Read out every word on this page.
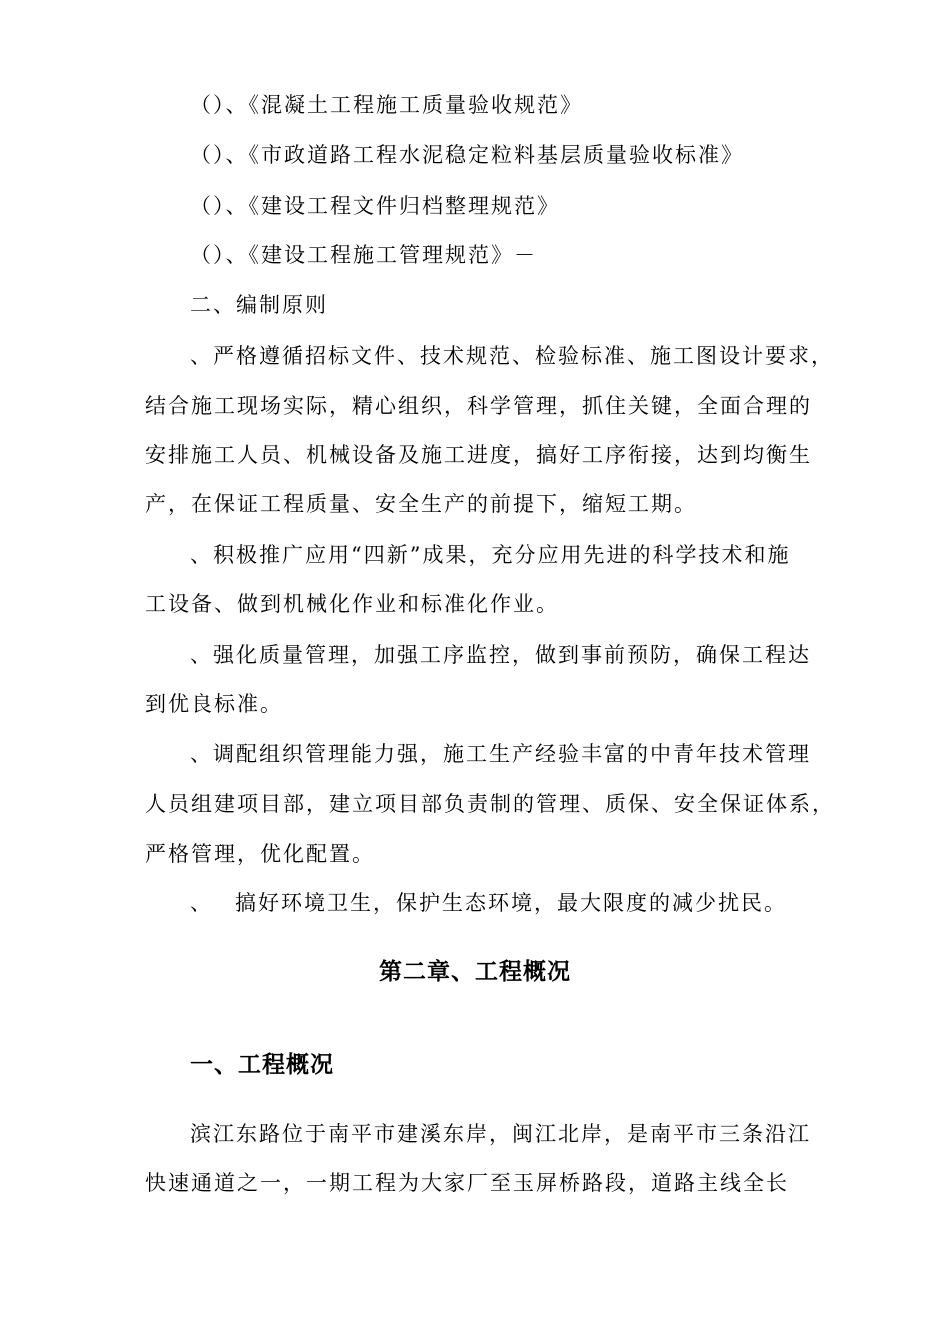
（）、《混凝土工程施工质量验收规范》
（）、《市政道路工程水泥稳定粒料基层质量验收标准》
（）、《建设工程文件归档整理规范》
（）、《建设工程施工管理规范》－
二、编制原则
、严格遵循招标文件、技术规范、检验标准、施工图设计要求，
结合施工现场实际，精心组织，科学管理，抓住关键，全面合理的
安排施工人员、机械设备及施工进度，搞好工序衔接，达到均衡生
产，在保证工程质量、安全生产的前提下，缩短工期。
、积极推广应用“四新”成果，充分应用先进的科学技术和施
工设备、做到机械化作业和标准化作业。
、强化质量管理，加强工序监控，做到事前预防，确保工程达
到优良标准。
、调配组织管理能力强，施工生产经验丰富的中青年技术管理
人员组建项目部，建立项目部负责制的管理、质保、安全保证体系，
严格管理，优化配置。
、 搞好环境卫生，保护生态环境，最大限度的减少扰民。
第二章、工程概况
一、工程概况
滨江东路位于南平市建溪东岸，闽江北岸，是南平市三条沿江
快速通道之一，一期工程为大家厂至玉屏桥路段，道路主线全长
